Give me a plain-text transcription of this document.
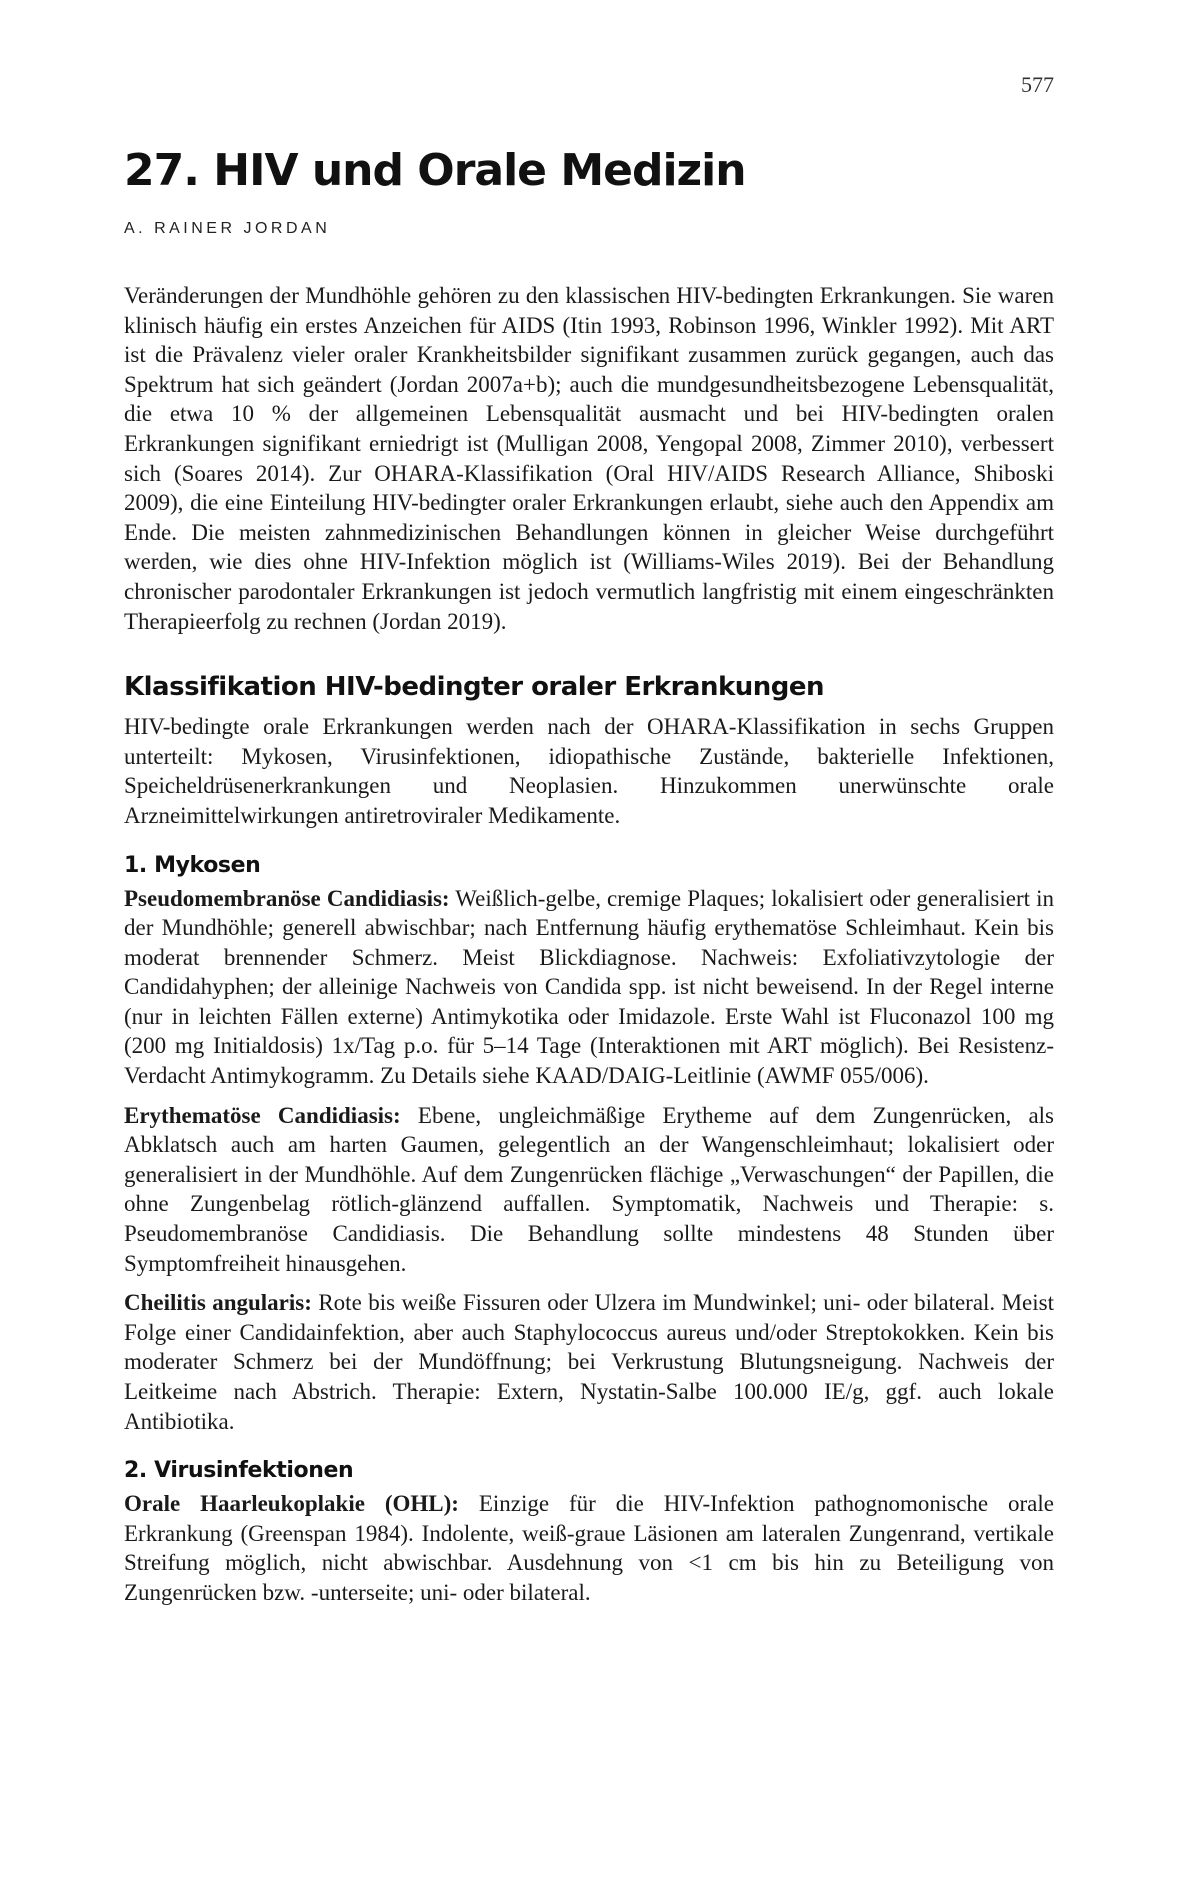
577
27. HIV und Orale Medizin
A. RAINER JORDAN

Veränderungen der Mundhöhle gehören zu den klassischen HIV-bedingten Erkrankungen. Sie waren klinisch häufig ein erstes Anzeichen für AIDS (Itin 1993, Robinson 1996, Winkler 1992). Mit ART ist die Prävalenz vieler oraler Krankheitsbilder signifikant zusammen zurück gegangen, auch das Spektrum hat sich geändert (Jordan 2007a+b); auch die mundgesundheitsbezogene Lebensqualität, die etwa 10 % der allgemeinen Lebensqualität ausmacht und bei HIV-bedingten oralen Erkrankungen signifikant erniedrigt ist (Mulligan 2008, Yengopal 2008, Zimmer 2010), verbessert sich (Soares 2014). Zur OHARA-Klassifikation (Oral HIV/AIDS Research Alliance, Shiboski 2009), die eine Einteilung HIV-bedingter oraler Erkrankungen erlaubt, siehe auch den Appendix am Ende. Die meisten zahnmedizinischen Behandlungen können in gleicher Weise durchgeführt werden, wie dies ohne HIV-Infektion möglich ist (Williams-Wiles 2019). Bei der Behandlung chronischer parodontaler Erkrankungen ist jedoch vermutlich langfristig mit einem eingeschränkten Therapieerfolg zu rechnen (Jordan 2019).

Klassifikation HIV-bedingter oraler Erkrankungen

HIV-bedingte orale Erkrankungen werden nach der OHARA-Klassifikation in sechs Gruppen unterteilt: Mykosen, Virusinfektionen, idiopathische Zustände, bakterielle Infektionen, Speicheldrüsenerkrankungen und Neoplasien. Hinzukommen unerwünschte orale Arzneimittelwirkungen antiretroviraler Medikamente.

1. Mykosen

Pseudomembranöse Candidiasis: Weißlich-gelbe, cremige Plaques; lokalisiert oder generalisiert in der Mundhöhle; generell abwischbar; nach Entfernung häufig erythematöse Schleimhaut. Kein bis moderat brennender Schmerz. Meist Blickdiagnose. Nachweis: Exfoliativzytologie der Candidahyphen; der alleinige Nachweis von Candida spp. ist nicht beweisend. In der Regel interne (nur in leichten Fällen externe) Antimykotika oder Imidazole. Erste Wahl ist Fluconazol 100 mg (200 mg Initialdosis) 1x/Tag p.o. für 5–14 Tage (Interaktionen mit ART möglich). Bei Resistenz-Verdacht Antimykogramm. Zu Details siehe KAAD/DAIG-Leitlinie (AWMF 055/006).

Erythematöse Candidiasis: Ebene, ungleichmäßige Erytheme auf dem Zungenrücken, als Abklatsch auch am harten Gaumen, gelegentlich an der Wangenschleimhaut; lokalisiert oder generalisiert in der Mundhöhle. Auf dem Zungenrücken flächige „Verwaschungen“ der Papillen, die ohne Zungenbelag rötlich-glänzend auffallen. Symptomatik, Nachweis und Therapie: s. Pseudomembranöse Candidiasis. Die Behandlung sollte mindestens 48 Stunden über Symptomfreiheit hinausgehen.

Cheilitis angularis: Rote bis weiße Fissuren oder Ulzera im Mundwinkel; uni- oder bilateral. Meist Folge einer Candidainfektion, aber auch Staphylococcus aureus und/oder Streptokokken. Kein bis moderater Schmerz bei der Mundöffnung; bei Verkrustung Blutungsneigung. Nachweis der Leitkeime nach Abstrich. Therapie: Extern, Nystatin-Salbe 100.000 IE/g, ggf. auch lokale Antibiotika.

2. Virusinfektionen

Orale Haarleukoplakie (OHL): Einzige für die HIV-Infektion pathognomonische orale Erkrankung (Greenspan 1984). Indolente, weiß-graue Läsionen am lateralen Zungenrand, vertikale Streifung möglich, nicht abwischbar. Ausdehnung von <1 cm bis hin zu Beteiligung von Zungenrücken bzw. -unterseite; uni- oder bilateral.
